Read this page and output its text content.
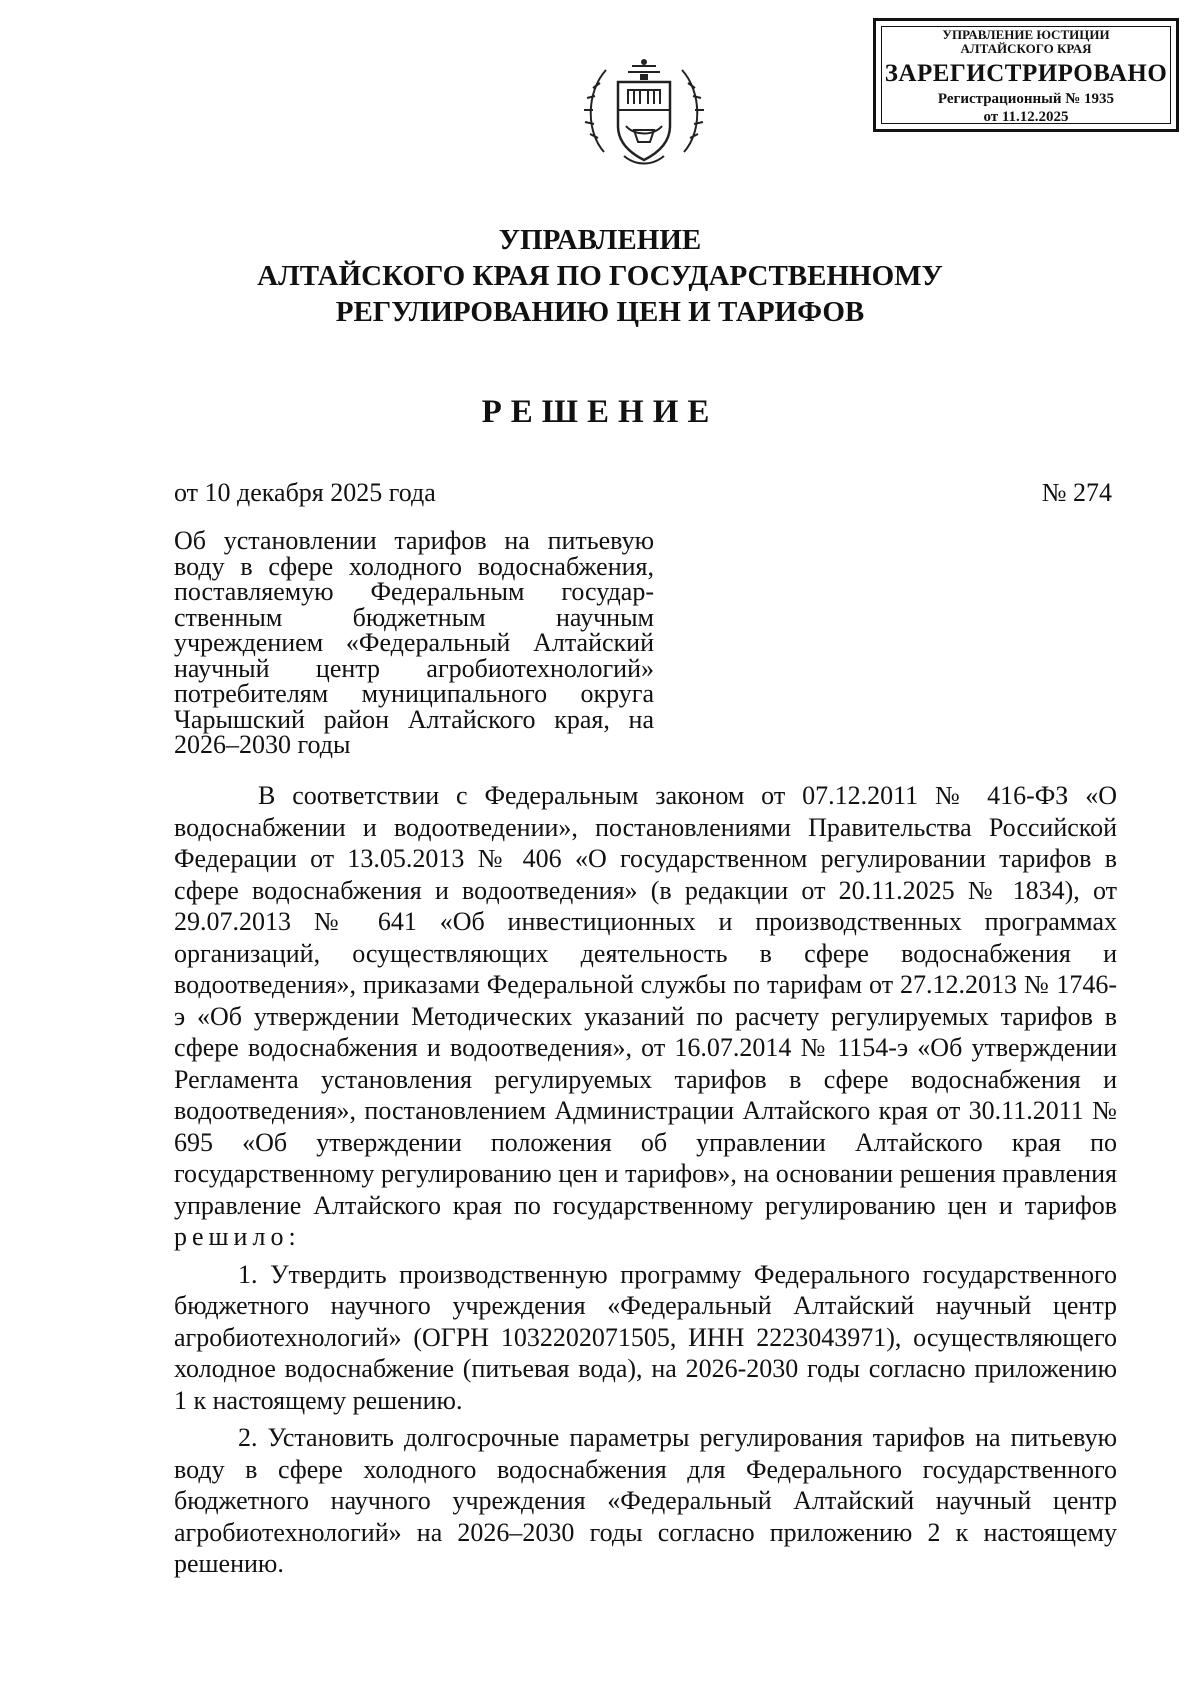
УПРАВЛЕНИЕ ЮСТИЦИИ
АЛТАЙСКОГО КРАЯ
ЗАРЕГИСТРИРОВАНО
Регистрационный № 1935
от 11.12.2025
УПРАВЛЕНИЕ
АЛТАЙСКОГО КРАЯ ПО ГОСУДАРСТВЕННОМУ
РЕГУЛИРОВАНИЮ ЦЕН И ТАРИФОВ
РЕШЕНИЕ
от 10 декабря 2025 года	№ 274
Об установлении тарифов на питьевую воду в сфере холодного водоснабжения, поставляемую Федеральным государственным бюджетным научным учреждением «Федеральный Алтайский научный центр агробиотехнологий» потребителям муниципального округа Чарышский район Алтайского края, на 2026–2030 годы

В соответствии с Федеральным законом от 07.12.2011 № 416-ФЗ «О водоснабжении и водоотведении», постановлениями Правительства Российской Федерации от 13.05.2013 № 406 «О государственном регулировании тарифов в сфере водоснабжения и водоотведения» (в редакции от 20.11.2025 № 1834), от 29.07.2013 № 641 «Об инвестиционных и производственных программах организаций, осуществляющих деятельность в сфере водоснабжения и водоотведения», приказами Федеральной службы по тарифам от 27.12.2013 № 1746-э «Об утверждении Методических указаний по расчету регулируемых тарифов в сфере водоснабжения и водоотведения», от 16.07.2014 № 1154-э «Об утверждении Регламента установления регулируемых тарифов в сфере водоснабжения и водоотведения», постановлением Администрации Алтайского края от 30.11.2011 № 695 «Об утверждении положения об управлении Алтайского края по государственному регулированию цен и тарифов», на основании решения правления управление Алтайского края по государственному регулированию цен и тарифов решило:

1. Утвердить производственную программу Федерального государственного бюджетного научного учреждения «Федеральный Алтайский научный центр агробиотехнологий» (ОГРН 1032202071505, ИНН 2223043971), осуществляющего холодное водоснабжение (питьевая вода), на 2026-2030 годы согласно приложению 1 к настоящему решению.

2. Установить долгосрочные параметры регулирования тарифов на питьевую воду в сфере холодного водоснабжения для Федерального государственного бюджетного научного учреждения «Федеральный Алтайский научный центр агробиотехнологий» на 2026–2030 годы согласно приложению 2 к настоящему решению.
